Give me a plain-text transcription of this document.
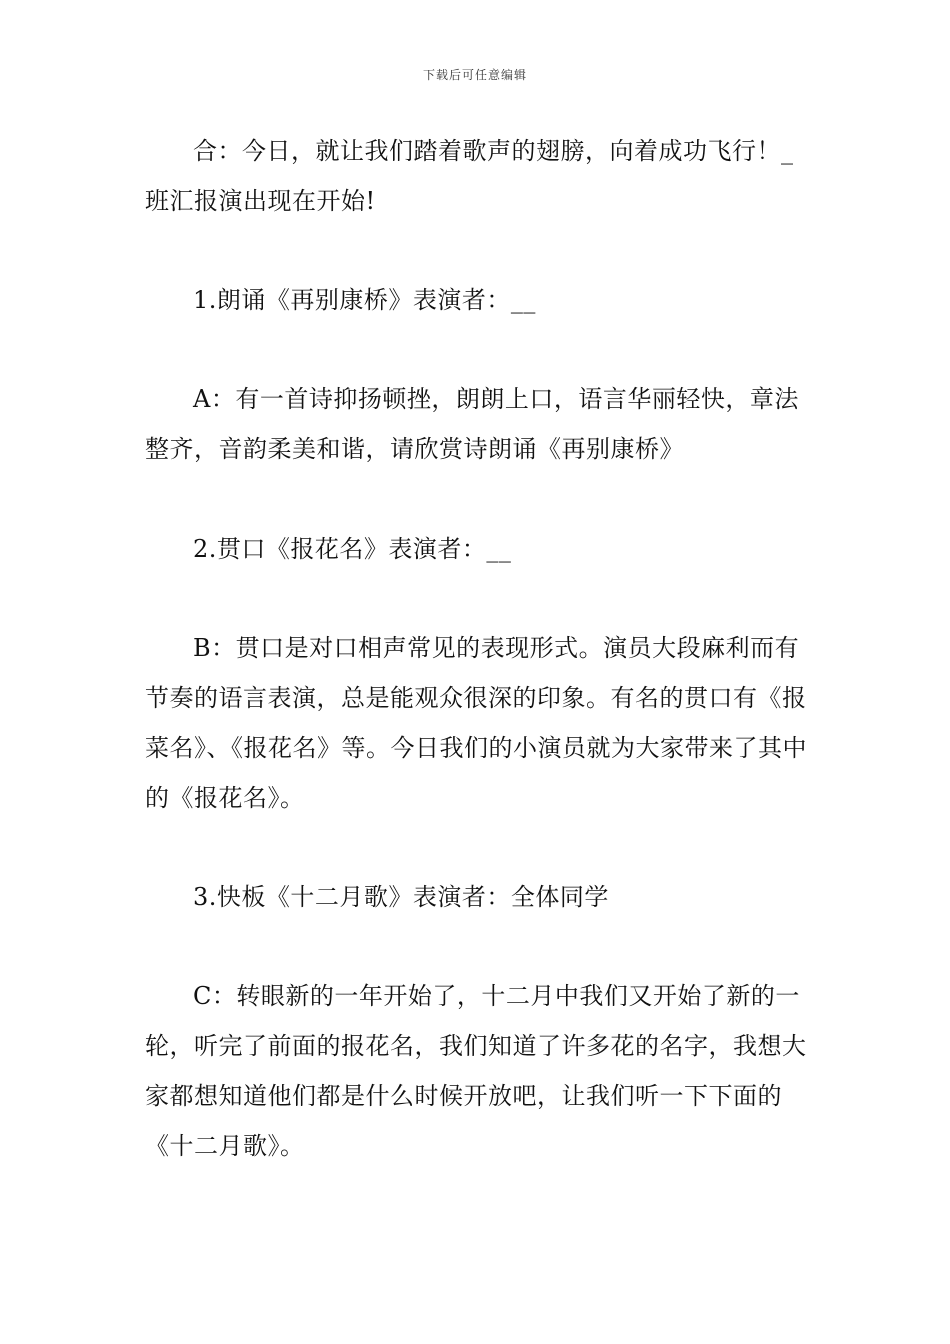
下载后可任意编辑

合：今日，就让我们踏着歌声的翅膀，向着成功飞行！_班汇报演出现在开始!

1.朗诵《再别康桥》表演者：__

A：有一首诗抑扬顿挫，朗朗上口，语言华丽轻快，章法整齐，音韵柔美和谐，请欣赏诗朗诵《再别康桥》

2.贯口《报花名》表演者：__

B：贯口是对口相声常见的表现形式。演员大段麻利而有节奏的语言表演，总是能观众很深的印象。有名的贯口有《报菜名》、《报花名》等。今日我们的小演员就为大家带来了其中的《报花名》。

3.快板《十二月歌》表演者：全体同学

C：转眼新的一年开始了，十二月中我们又开始了新的一轮，听完了前面的报花名，我们知道了许多花的名字，我想大家都想知道他们都是什么时候开放吧，让我们听一下下面的《十二月歌》。
